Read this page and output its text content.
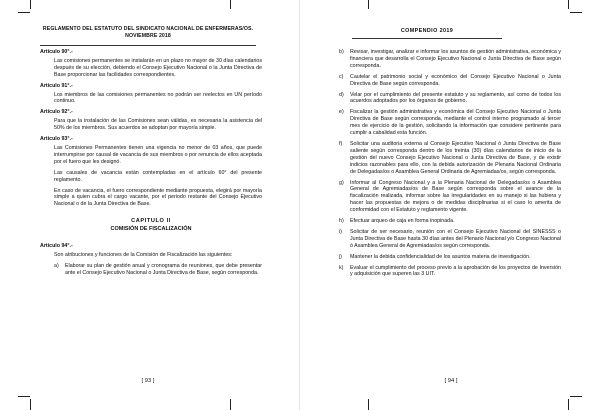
REGLAMENTO DEL ESTATUTO DEL SINDICATO NACIONAL DE ENFERMERAS/OS.
NOVIEMBRE 2018
COMPENDIO 2019
Artículo 90°.-
Las comisiones permanentes se instalarán en un plazo no mayor de 30 días calendarios después de su elección, debiendo el Consejo Ejecutivo Nacional o la Junta Directiva de Base proporcionar las facilidades correspondientes.
Artículo 91°.-
Los miembros de las comisiones permanentes no podrán ser reelectos en UN período continuo.
Artículo 92°.-
Para que la instalación de las Comisiones sean válidas, es necesaria la asistencia del 50% de los miembros. Sus acuerdos se adoptan por mayoría simple.
Artículo 93°.-
Las Comisiones Permanentes tienen una vigencia no menor de 03 años, que puede interrumpirse por causal de vacancia de sus miembros o por renuncia de ellos aceptada por el fuero que les designó.
Las causales de vacancia están contempladas en el artículo 60° del presente reglamento.
En caso de vacancia, el fuero correspondiente mediante propuesta, elegirá por mayoría simple a quien cubra el cargo vacante, por el periodo restante del Consejo Ejecutivo Nacional o de la Junta Directiva de Base.
CAPITULO II
COMISIÓN DE FISCALIZACIÓN
Artículo 94°.-
Son atribuciones y funciones de la Comisión de Fiscalización las siguientes:
a)	Elaborar su plan de gestión anual y cronograma de reuniones, que debe presentar ante el Consejo Ejecutivo Nacional o Junta Directiva de Base, según corresponda.
b)	Revisar, investigar, analizar e informar los asuntos de gestión administrativa, económica y financiera que desarrolla el Consejo Ejecutivo Nacional o Junta Directiva de Base según corresponda.
c)	Cautelar el patrimonio social y económico del Consejo Ejecutivo Nacional o Junta Directiva de Base según corresponda.
d)	Velar por el cumplimiento del presente estatuto y su reglamento, así como de todos los acuerdos adoptados por los órganos de gobierno.
e)	Fiscalizar la gestión administrativa y económica del Consejo Ejecutivo Nacional o Junta Directiva de Base según corresponda, mediante el control interno programado al tercer mes de ejercicio de la gestión, solicitando la información que considere pertinente para cumplir a cabalidad esta función.
f)	Solicitar una auditoria externa al Consejo Ejecutivo Nacional ó Junta Directiva de Base saliente según corresponda dentro de los treinta (30) días calendarios de inicio de la gestión del nuevo Consejo Ejecutivo Nacional o Junta Directiva de Base, y de existir indicios razonables para ello, con la debida autorización de Plenaria Nacional Ordinaria de Delegadas/os o Asamblea General Ordinaria de Agremiadas/os, según corresponda.
g)	Informar al Congreso Nacional y a la Plenaria Nacional de Delegadas/os o Asamblea General de Agremiadas/os de Base según corresponda sobre el avance de la fiscalización realizada, informar sobre las irregularidades en su manejo si las hubiera y hacer las propuestas de mejora o de medidas disciplinarias si el caso lo amerita de conformidad con el Estatuto y reglamento vigente.
h)	Efectuar arqueo de caja en forma inopinada.
i)	Solicitar de ser necesario, reunión con el Consejo Ejecutivo Nacional del SINESSS o Junta Directiva de Base hasta 30 días antes del Plenario Nacional y/o Congreso Nacional ó Asamblea General de Agremiadas/os según corresponda.
j)	Mantener la debida confidencialidad de los asuntos materia de investigación.
k)	Evaluar el cumplimiento del proceso previo a la aprobación de los proyectos de Inversión y adquisición que superen las 3 UIT.
[ 93 ]	[ 94 ]
